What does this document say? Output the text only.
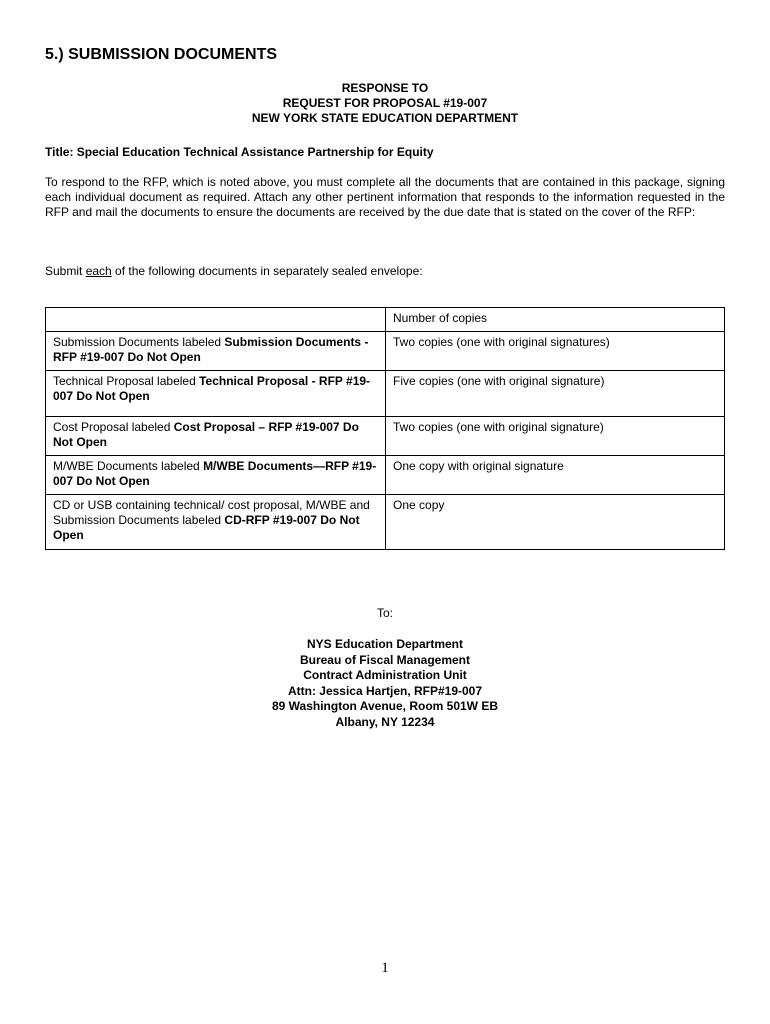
5.) SUBMISSION DOCUMENTS
RESPONSE TO
REQUEST FOR PROPOSAL #19-007
NEW YORK STATE EDUCATION DEPARTMENT
Title: Special Education Technical Assistance Partnership for Equity

To respond to the RFP, which is noted above, you must complete all the documents that are contained in this package, signing each individual document as required. Attach any other pertinent information that responds to the information requested in the RFP and mail the documents to ensure the documents are received by the due date that is stated on the cover of the RFP:

Submit each of the following documents in separately sealed envelope:

	Number of copies
Submission Documents labeled Submission Documents - RFP #19-007 Do Not Open	Two copies (one with original signatures)
Technical Proposal labeled Technical Proposal - RFP #19-007 Do Not Open	Five copies (one with original signature)
Cost Proposal labeled Cost Proposal – RFP #19-007 Do Not Open	Two copies (one with original signature)
M/WBE Documents labeled M/WBE Documents—RFP #19-007 Do Not Open	One copy with original signature
CD or USB containing technical/ cost proposal, M/WBE and Submission Documents labeled CD-RFP #19-007 Do Not Open	One copy
To:
NYS Education Department
Bureau of Fiscal Management
Contract Administration Unit
Attn: Jessica Hartjen, RFP#19-007
89 Washington Avenue, Room 501W EB
Albany, NY 12234
1
